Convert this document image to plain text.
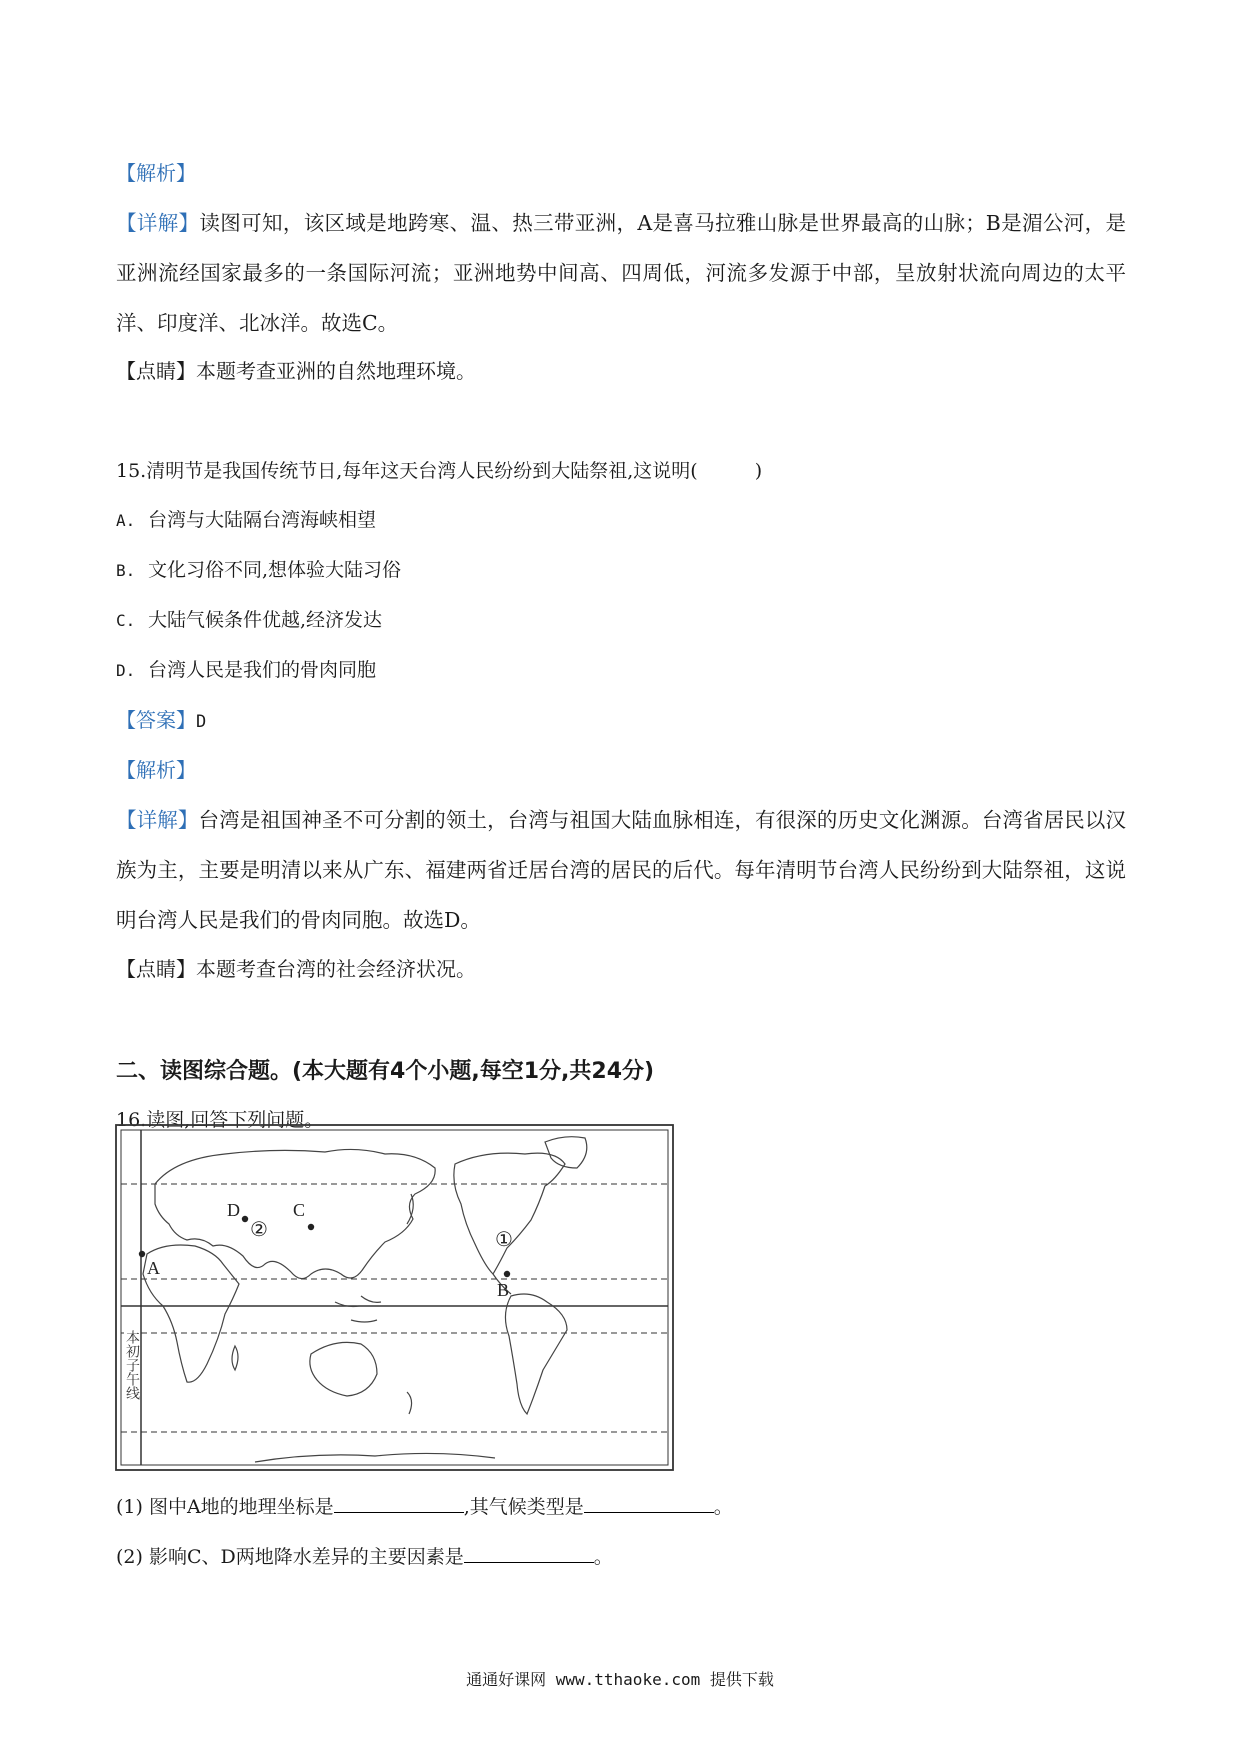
【解析】
【详解】读图可知，该区域是地跨寒、温、热三带亚洲，A是喜马拉雅山脉是世界最高的山脉；B是湄公河，是亚洲流经国家最多的一条国际河流；亚洲地势中间高、四周低，河流多发源于中部，呈放射状流向周边的太平洋、印度洋、北冰洋。故选C。
【点睛】本题考查亚洲的自然地理环境。
15.清明节是我国传统节日,每年这天台湾人民纷纷到大陆祭祖,这说明(　　　)
A. 台湾与大陆隔台湾海峡相望
B. 文化习俗不同,想体验大陆习俗
C. 大陆气候条件优越,经济发达
D. 台湾人民是我们的骨肉同胞
【答案】D
【解析】
【详解】台湾是祖国神圣不可分割的领土，台湾与祖国大陆血脉相连，有很深的历史文化渊源。台湾省居民以汉族为主，主要是明清以来从广东、福建两省迁居台湾的居民的后代。每年清明节台湾人民纷纷到大陆祭祖，这说明台湾人民是我们的骨肉同胞。故选D。
【点睛】本题考查台湾的社会经济状况。
二、读图综合题。(本大题有4个小题,每空1分,共24分)
16.读图,回答下列问题。
A
D	C
B
②	①
本初子午线
(1) 图中A地的地理坐标是	,其气候类型是	。
(2) 影响C、D两地降水差异的主要因素是	。
通通好课网 www.tthaoke.com 提供下载
